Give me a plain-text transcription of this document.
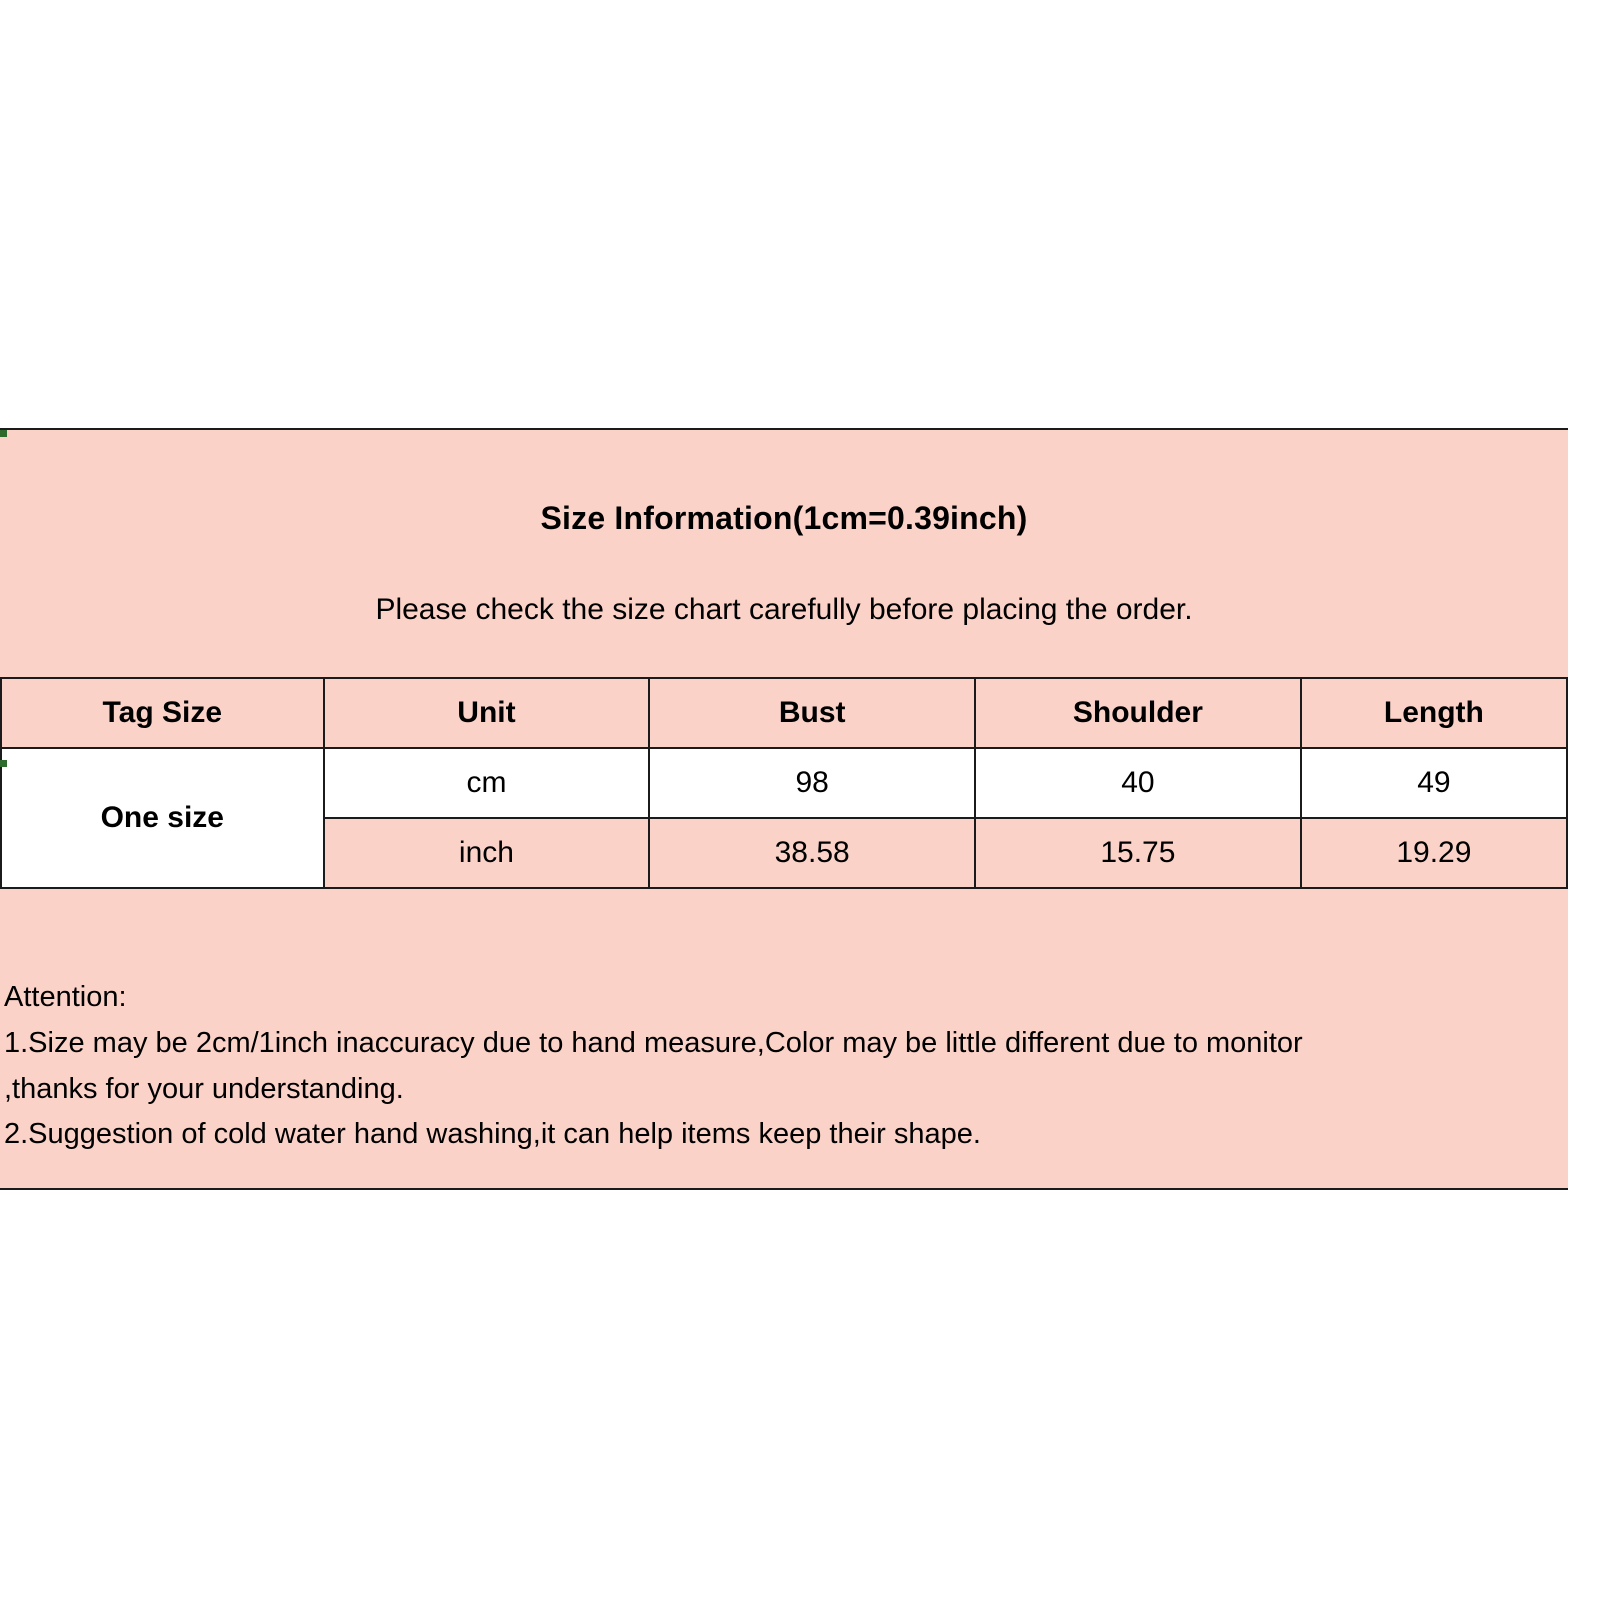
Size Information(1cm=0.39inch)
Please check the size chart carefully before placing the order.
Tag Size	Unit	Bust	Shoulder	Length
One size	cm	98	40	49
	inch	38.58	15.75	19.29
Attention:
1.Size may be 2cm/1inch inaccuracy due to hand measure,Color may be little different due to monitor
,thanks for your understanding.
2.Suggestion of cold water hand washing,it can help items keep their shape.
